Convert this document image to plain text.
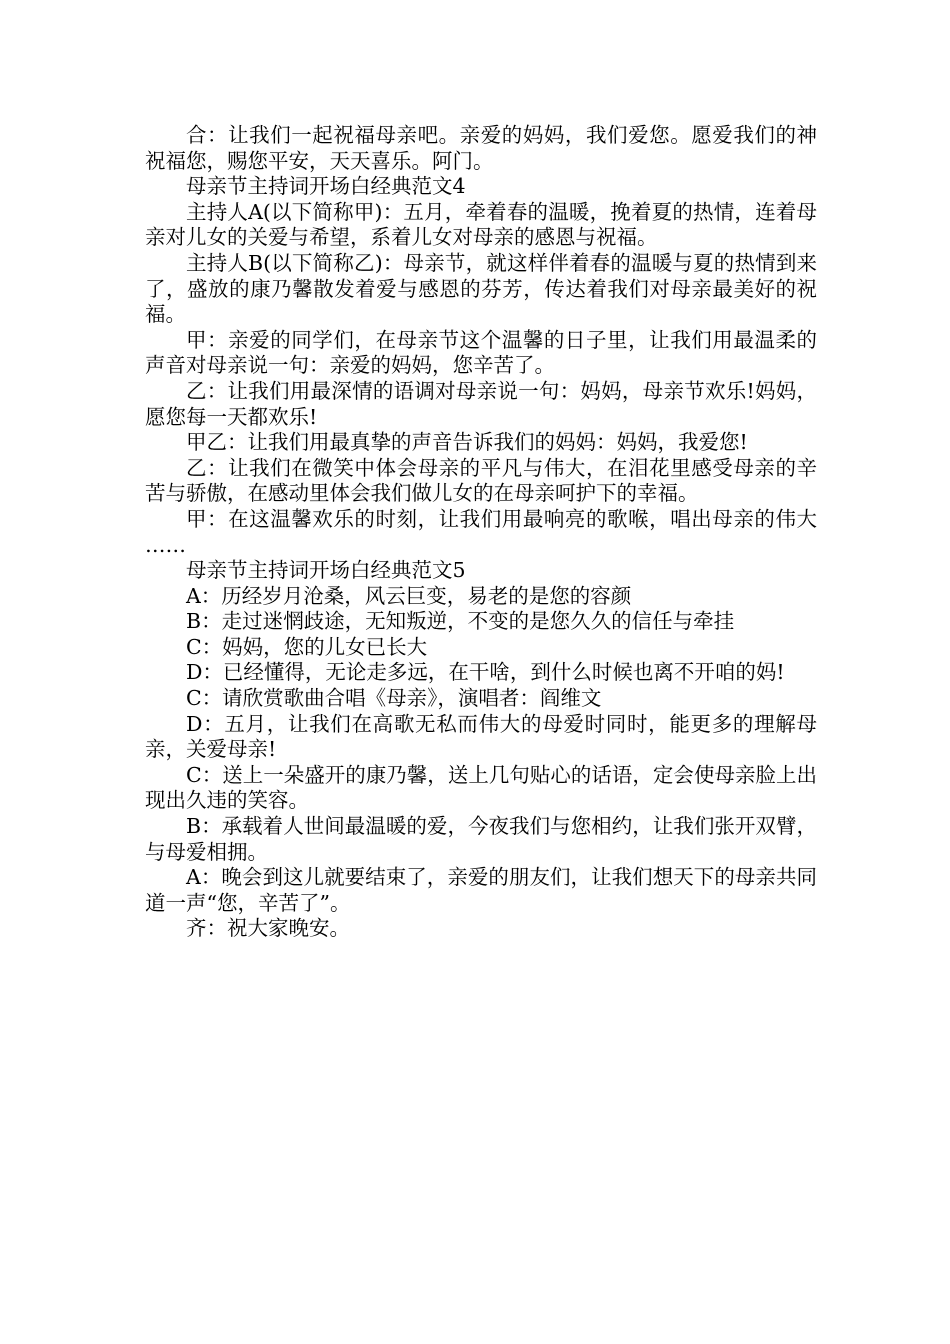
合：让我们一起祝福母亲吧。亲爱的妈妈，我们爱您。愿爱我们的神祝福您，赐您平安，天天喜乐。阿门。

母亲节主持词开场白经典范文4

主持人A(以下简称甲)：五月，牵着春的温暖，挽着夏的热情，连着母亲对儿女的关爱与希望，系着儿女对母亲的感恩与祝福。

主持人B(以下简称乙)：母亲节，就这样伴着春的温暖与夏的热情到来了，盛放的康乃馨散发着爱与感恩的芬芳，传达着我们对母亲最美好的祝福。

甲：亲爱的同学们，在母亲节这个温馨的日子里，让我们用最温柔的声音对母亲说一句：亲爱的妈妈，您辛苦了。

乙：让我们用最深情的语调对母亲说一句：妈妈，母亲节欢乐!妈妈，愿您每一天都欢乐!

甲乙：让我们用最真挚的声音告诉我们的妈妈：妈妈，我爱您!

乙：让我们在微笑中体会母亲的平凡与伟大，在泪花里感受母亲的辛苦与骄傲，在感动里体会我们做儿女的在母亲呵护下的幸福。

甲：在这温馨欢乐的时刻，让我们用最响亮的歌喉，唱出母亲的伟大……

母亲节主持词开场白经典范文5

A：历经岁月沧桑，风云巨变，易老的是您的容颜

B：走过迷惘歧途，无知叛逆，不变的是您久久的信任与牵挂

C：妈妈，您的儿女已长大

D：已经懂得，无论走多远，在干啥，到什么时候也离不开咱的妈!

C：请欣赏歌曲合唱《母亲》，演唱者：阎维文

D：五月，让我们在高歌无私而伟大的母爱时同时，能更多的理解母亲，关爱母亲!

C：送上一朵盛开的康乃馨，送上几句贴心的话语，定会使母亲脸上出现出久违的笑容。

B：承载着人世间最温暖的爱，今夜我们与您相约，让我们张开双臂，与母爱相拥。

A：晚会到这儿就要结束了，亲爱的朋友们，让我们想天下的母亲共同道一声“您，辛苦了”。

齐：祝大家晚安。
